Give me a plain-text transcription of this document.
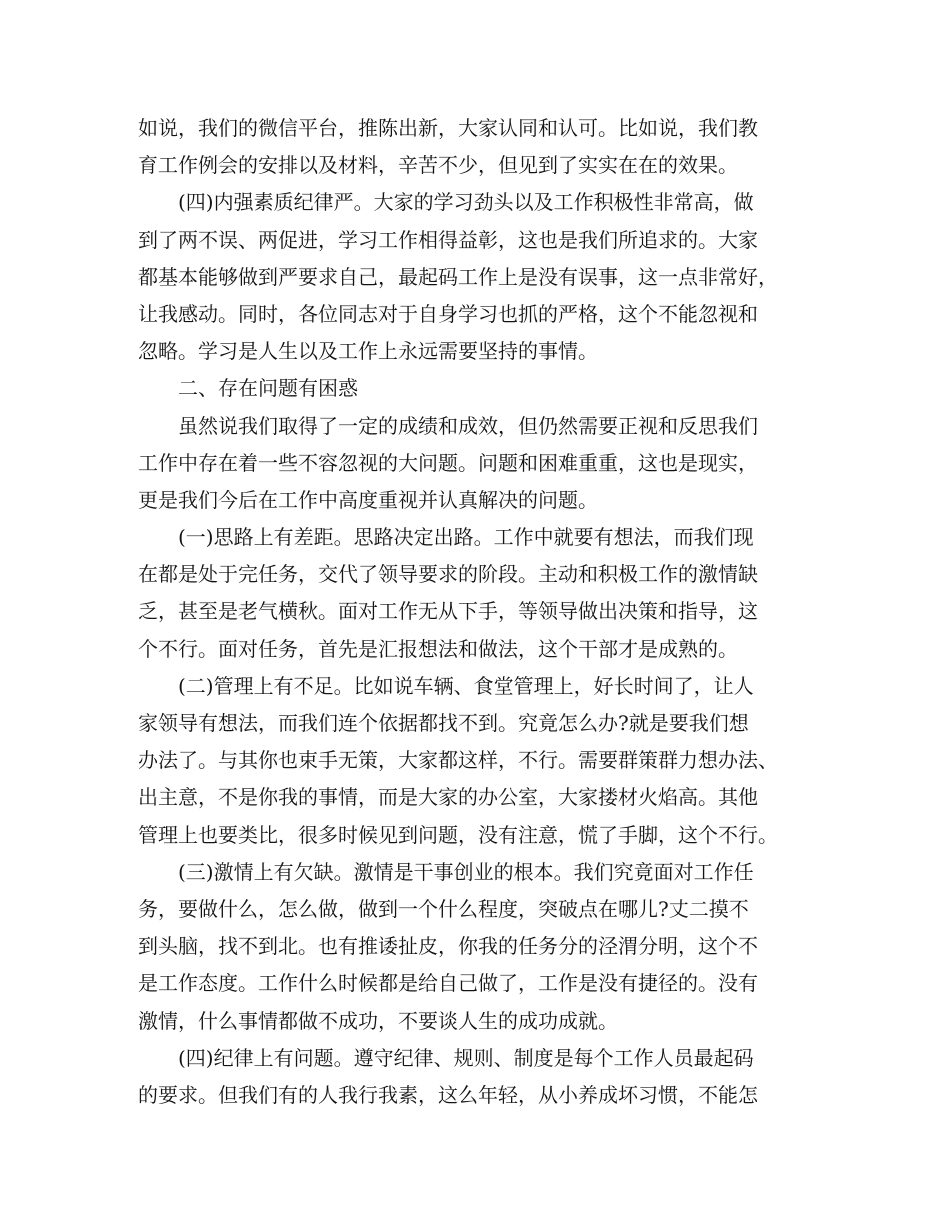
如说，我们的微信平台，推陈出新，大家认同和认可。比如说，我们教
育工作例会的安排以及材料，辛苦不少，但见到了实实在在的效果。
(四)内强素质纪律严。大家的学习劲头以及工作积极性非常高，做
到了两不误、两促进，学习工作相得益彰，这也是我们所追求的。大家
都基本能够做到严要求自己，最起码工作上是没有误事，这一点非常好，
让我感动。同时，各位同志对于自身学习也抓的严格，这个不能忽视和
忽略。学习是人生以及工作上永远需要坚持的事情。
二、存在问题有困惑
虽然说我们取得了一定的成绩和成效，但仍然需要正视和反思我们
工作中存在着一些不容忽视的大问题。问题和困难重重，这也是现实，
更是我们今后在工作中高度重视并认真解决的问题。
(一)思路上有差距。思路决定出路。工作中就要有想法，而我们现
在都是处于完任务，交代了领导要求的阶段。主动和积极工作的激情缺
乏，甚至是老气横秋。面对工作无从下手，等领导做出决策和指导，这
个不行。面对任务，首先是汇报想法和做法，这个干部才是成熟的。
(二)管理上有不足。比如说车辆、食堂管理上，好长时间了，让人
家领导有想法，而我们连个依据都找不到。究竟怎么办?就是要我们想
办法了。与其你也束手无策，大家都这样，不行。需要群策群力想办法、
出主意，不是你我的事情，而是大家的办公室，大家搂材火焰高。其他
管理上也要类比，很多时候见到问题，没有注意，慌了手脚，这个不行。
(三)激情上有欠缺。激情是干事创业的根本。我们究竟面对工作任
务，要做什么，怎么做，做到一个什么程度，突破点在哪儿?丈二摸不
到头脑，找不到北。也有推诿扯皮，你我的任务分的泾渭分明，这个不
是工作态度。工作什么时候都是给自己做了，工作是没有捷径的。没有
激情，什么事情都做不成功，不要谈人生的成功成就。
(四)纪律上有问题。遵守纪律、规则、制度是每个工作人员最起码
的要求。但我们有的人我行我素，这么年轻，从小养成坏习惯，不能怎
